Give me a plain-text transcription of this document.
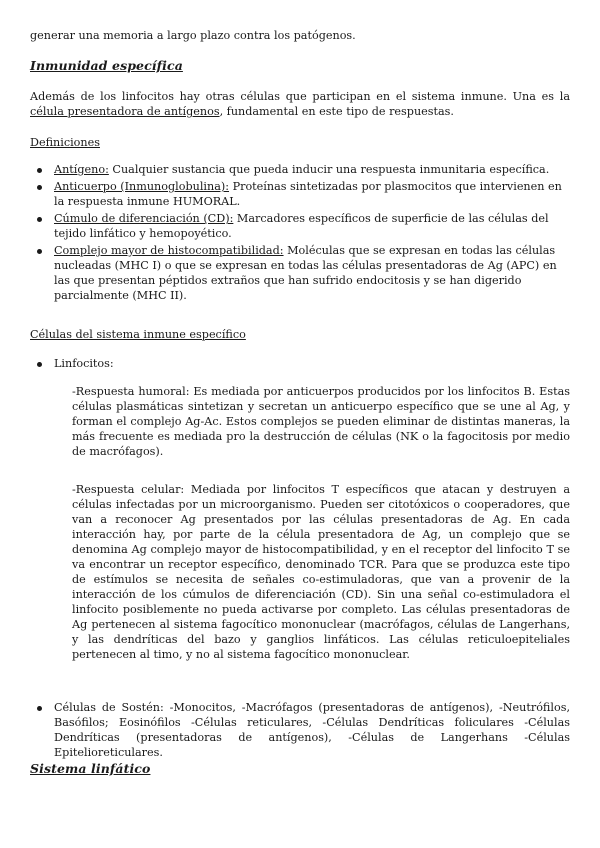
generar una memoria a largo plazo contra los patógenos.
Inmunidad específica
Además de los linfocitos hay otras células que participan en el sistema inmune. Una es la célula presentadora de antígenos, fundamental en este tipo de respuestas.
Definiciones
Antígeno: Cualquier sustancia que pueda inducir una respuesta inmunitaria específica.
Anticuerpo (Inmunoglobulina): Proteínas sintetizadas por plasmocitos que intervienen en la respuesta inmune HUMORAL.
Cúmulo de diferenciación (CD): Marcadores específicos de superficie de las células del tejido linfático y hemopoyético.
Complejo mayor de histocompatibilidad: Moléculas que se expresan en todas las células nucleadas (MHC I) o que se expresan en todas las células presentadoras de Ag (APC) en las que presentan péptidos extraños que han sufrido endocitosis y se han digerido parcialmente (MHC II).
Células del sistema inmune específico
Linfocitos:
-Respuesta humoral: Es mediada por anticuerpos producidos por los linfocitos B. Estas células plasmáticas sintetizan y secretan un anticuerpo específico que se une al Ag, y forman el complejo Ag-Ac. Estos complejos se pueden eliminar de distintas maneras, la más frecuente es mediada pro la destrucción de células (NK o la fagocitosis por medio de macrófagos).
-Respuesta celular: Mediada por linfocitos T específicos que atacan y destruyen a células infectadas por un microorganismo. Pueden ser citotóxicos o cooperadores, que van a reconocer Ag presentados por las células presentadoras de Ag. En cada interacción hay, por parte de la célula presentadora de Ag, un complejo que se denomina Ag complejo mayor de histocompatibilidad, y en el receptor del linfocito T se va encontrar un receptor específico, denominado TCR. Para que se produzca este tipo de estímulos se necesita de señales co-estimuladoras, que van a provenir de la interacción de los cúmulos de diferenciación (CD). Sin una señal co-estimuladora el linfocito posiblemente no pueda activarse por completo. Las células presentadoras de Ag pertenecen al sistema fagocítico mononuclear (macrófagos, células de Langerhans, y las dendríticas del bazo y ganglios linfáticos. Las células reticuloepiteliales pertenecen al timo, y no al sistema fagocítico mononuclear.
Células de Sostén: -Monocitos, -Macrófagos (presentadoras de antígenos), -Neutrófilos, Basófilos; Eosinófilos -Células reticulares, -Células Dendríticas foliculares -Células Dendríticas (presentadoras de antígenos), -Células de Langerhans -Células Epitelioreticulares.
Sistema linfático
